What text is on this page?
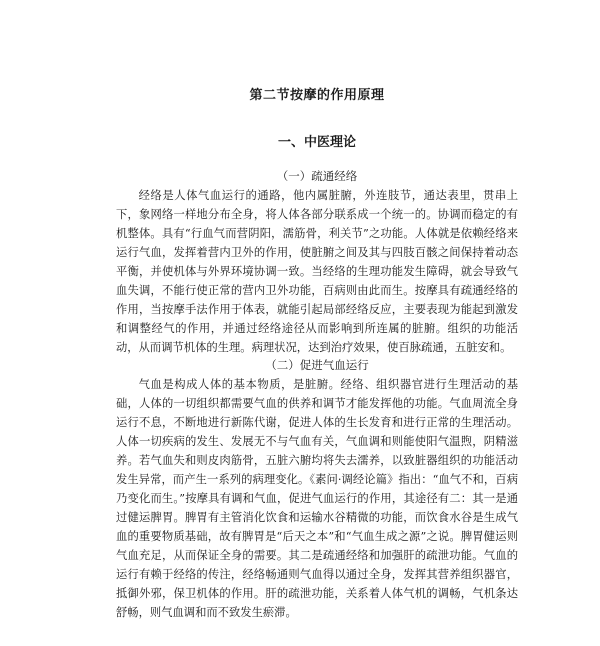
第二节按摩的作用原理
一、中医理论
（一）疏通经络

经络是人体气血运行的通路，他内属脏腑，外连肢节，通达表里，贯串上下，象网络一样地分布全身，将人体各部分联系成一个统一的。协调而稳定的有机整体。具有“行血气而营阴阳，濡筋骨，利关节”之功能。人体就是依赖经络来运行气血，发挥着营内卫外的作用，使脏腑之间及其与四肢百骸之间保持着动态平衡，并使机体与外界环境协调一致。当经络的生理功能发生障碍，就会导致气血失调，不能行使正常的营内卫外功能，百病则由此而生。按摩具有疏通经络的作用，当按摩手法作用于体表，就能引起局部经络反应，主要表现为能起到激发和调整经气的作用，并通过经络途径从而影响到所连属的脏腑。组织的功能活动，从而调节机体的生理。病理状况，达到治疗效果，使百脉疏通，五脏安和。

（二）促进气血运行

气血是构成人体的基本物质，是脏腑。经络、组织器官进行生理活动的基础，人体的一切组织都需要气血的供养和调节才能发挥他的功能。气血周流全身运行不息，不断地进行新陈代谢，促进人体的生长发育和进行正常的生理活动。人体一切疾病的发生、发展无不与气血有关，气血调和则能使阳气温煦，阴精滋养。若气血失和则皮肉筋骨，五脏六腑均将失去濡养，以致脏器组织的功能活动发生异常，而产生一系列的病理变化。《素问·调经论篇》指出：“血气不和，百病乃变化而生。”按摩具有调和气血，促进气血运行的作用，其途径有二：其一是通过健运脾胃。脾胃有主管消化饮食和运输水谷精微的功能，而饮食水谷是生成气血的重要物质基础，故有脾胃是“后天之本”和“气血生成之源”之说。脾胃健运则气血充足，从而保证全身的需要。其二是疏通经络和加强肝的疏泄功能。气血的运行有赖于经络的传注，经络畅通则气血得以通过全身，发挥其营养组织器官，抵御外邪，保卫机体的作用。肝的疏泄功能，关系着人体气机的调畅，气机条达舒畅，则气血调和而不致发生瘀滞。
